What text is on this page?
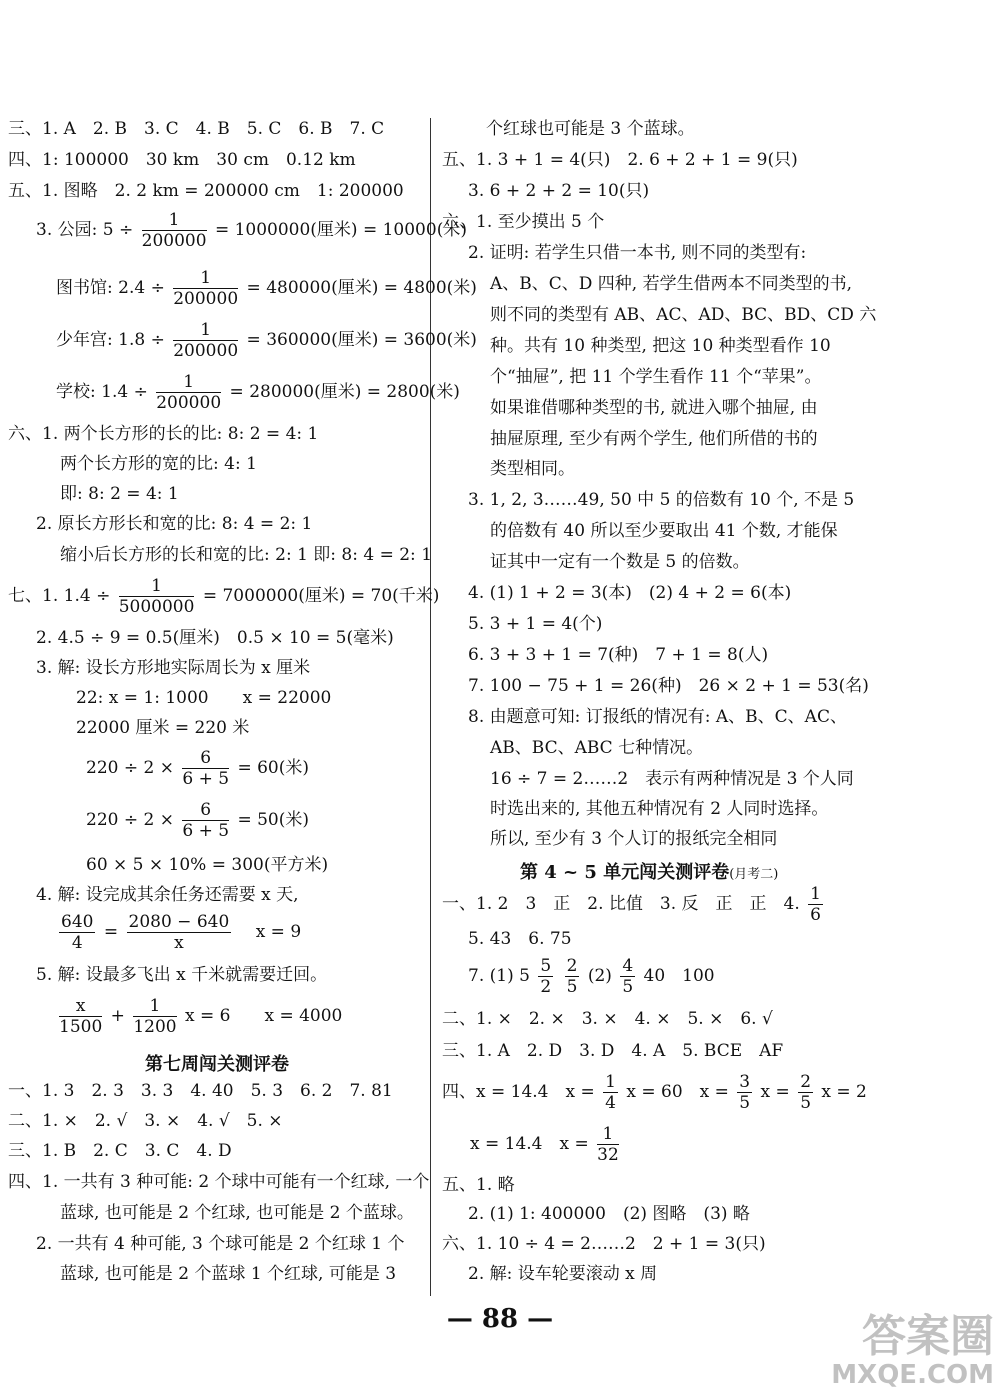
三、1. A　2. B　3. C　4. B　5. C　6. B　7. C
四、1: 100000　30 km　30 cm　0.12 km
五、1. 图略　2. 2 km = 200000 cm　1: 200000
3. 公园: $5 \div \frac{1}{200000} = 1000000$(厘米) = 10000(米)
图书馆: $2.4 \div \frac{1}{200000} = 480000$(厘米) = 4800(米)
少年宫: $1.8 \div \frac{1}{200000} = 360000$(厘米) = 3600(米)
学校: $1.4 \div \frac{1}{200000} = 280000$(厘米) = 2800(米)
六、1. 两个长方形的长的比: 8: 2 = 4: 1
两个长方形的宽的比: 4: 1
即: 8: 2 = 4: 1
2. 原长方形长和宽的比: 8: 4 = 2: 1
缩小后长方形的长和宽的比: 2: 1 即: 8: 4 = 2: 1
七、1. $1.4 \div \frac{1}{5000000} = 7000000$(厘米) = 70(千米)
2. 4.5 ÷ 9 = 0.5(厘米)　0.5 × 10 = 5(毫米)
3. 解: 设长方形地实际周长为 x 厘米
22: x = 1: 1000　　x = 22000
22000 厘米 = 220 米
$220 \div 2 \times \frac{6}{6 + 5} = 60$(米)
$220 \div 2 \times \frac{6}{6 + 5} = 50$(米)
60 × 5 × 10% = 300(平方米)
4. 解: 设完成其余任务还需要 x 天,
$\frac{640}{4} = \frac{2080 - 640}{x}$ x = 9
5. 解: 设最多飞出 x 千米就需要迁回。
$\frac{x}{1500} + \frac{1}{1200}$ x = 6　　x = 4000
第七周闯关测评卷
一、1. 3　2. 3　3. 3　4. 40　5. 3　6. 2　7. 81
二、1. ×　2. √　3. ×　4. √　5. ×
三、1. B　2. C　3. C　4. D
四、1. 一共有 3 种可能: 2 个球中可能有一个红球, 一个
蓝球, 也可能是 2 个红球, 也可能是 2 个蓝球。
2. 一共有 4 种可能, 3 个球可能是 2 个红球 1 个
蓝球, 也可能是 2 个蓝球 1 个红球, 可能是 3
个红球也可能是 3 个蓝球。
五、1. 3 + 1 = 4(只)　2. 6 + 2 + 1 = 9(只)
3. 6 + 2 + 2 = 10(只)
六、1. 至少摸出 5 个
2. 证明: 若学生只借一本书, 则不同的类型有:
A、B、C、D 四种, 若学生借两本不同类型的书,
则不同的类型有 AB、AC、AD、BC、BD、CD 六
种。共有 10 种类型, 把这 10 种类型看作 10
个“抽屉”, 把 11 个学生看作 11 个“苹果”。
如果谁借哪种类型的书, 就进入哪个抽屉, 由
抽屉原理, 至少有两个学生, 他们所借的书的
类型相同。
3. 1, 2, 3……49, 50 中 5 的倍数有 10 个, 不是 5
的倍数有 40 所以至少要取出 41 个数, 才能保
证其中一定有一个数是 5 的倍数。
4. (1) 1 + 2 = 3(本)　(2) 4 + 2 = 6(本)
5. 3 + 1 = 4(个)
6. 3 + 3 + 1 = 7(种)　7 + 1 = 8(人)
7. 100 − 75 + 1 = 26(种)　26 × 2 + 1 = 53(名)
8. 由题意可知: 订报纸的情况有: A、B、C、AC、
AB、BC、ABC 七种情况。
16 ÷ 7 = 2……2　表示有两种情况是 3 个人同
时选出来的, 其他五种情况有 2 人同时选择。
所以, 至少有 3 个人订的报纸完全相同
第 4 ~ 5 单元闯关测评卷(月考二)
一、1. 2　3　正　2. 比值　3. 反　正　正　4. $\frac{1}{6}$
5. 43　6. 75
7. (1) $5 \frac{5}{2}$
$\frac{2}{5} (2) \frac{4}{5} 40$　100
二、1. ×　2. ×　3. ×　4. ×　5. ×　6. √
三、1. A　2. D　3. D　4. A　5. BCE　AF
四、x = 14.4　$x = \frac{1}{4}$ x = 60　$x = \frac{3}{5}$ $x = \frac{2}{5}$ x = 2
x = 14.4　$x = \frac{1}{32}$
五、1. 略
2. (1) 1: 400000　(2) 图略　(3) 略
六、1. 10 ÷ 4 = 2……2　2 + 1 = 3(只)
2. 解: 设车轮要滚动 x 周
— 88 —	答案圈
MXQE.COM
